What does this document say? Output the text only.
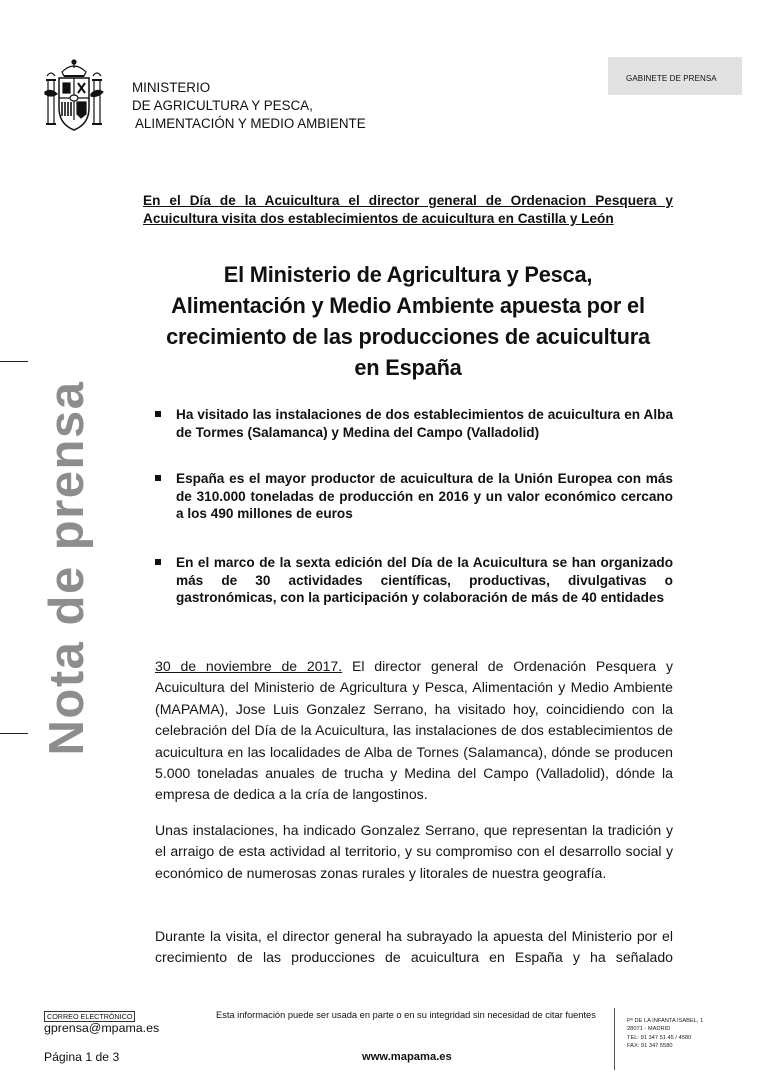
MINISTERIO
DE AGRICULTURA Y PESCA,
ALIMENTACIÓN Y MEDIO AMBIENTE
GABINETE DE PRENSA
Nota de prensa
En el Día de la Acuicultura el director general de Ordenacion Pesquera y
Acuicultura visita dos establecimientos de acuicultura en Castilla y León
El Ministerio de Agricultura y Pesca,
Alimentación y Medio Ambiente apuesta por el
crecimiento de las producciones de acuicultura
en España
Ha visitado las instalaciones de dos establecimientos de acuicultura en Alba de Tormes (Salamanca) y Medina del Campo (Valladolid)
España es el mayor productor de acuicultura de la Unión Europea con más de 310.000 toneladas de producción en 2016 y un valor económico cercano a los 490 millones de euros
En el marco de la sexta edición del Día de la Acuicultura se han organizado más de 30 actividades científicas, productivas, divulgativas o gastronómicas, con la participación y colaboración de más de 40 entidades
30 de noviembre de 2017. El director general de Ordenación Pesquera y Acuicultura del Ministerio de Agricultura y Pesca, Alimentación y Medio Ambiente (MAPAMA), Jose Luis Gonzalez Serrano, ha visitado hoy, coincidiendo con la celebración del Día de la Acuicultura, las instalaciones de dos establecimientos de acuicultura en las localidades de Alba de Tornes (Salamanca), dónde se producen 5.000 toneladas anuales de trucha y Medina del Campo (Valladolid), dónde la empresa de dedica a la cría de langostinos.
Unas instalaciones, ha indicado Gonzalez Serrano, que representan la tradición y el arraigo de esta actividad al territorio, y su compromiso con el desarrollo social y económico de numerosas zonas rurales y litorales de nuestra geografía.
Durante la visita, el director general ha subrayado la apuesta del Ministerio por el crecimiento de las producciones de acuicultura en España y ha señalado
CORREO ELECTRÓNICO
gprensa@mpama.es
Esta información puede ser usada en parte o en su integridad sin necesidad de citar fuentes
Pº DE LA INFANTA ISABEL, 1
28071 - MADRID
TEL: 91 347 51 45 / 4580
FAX: 91 347 5580
Página 1 de 3	www.mapama.es
